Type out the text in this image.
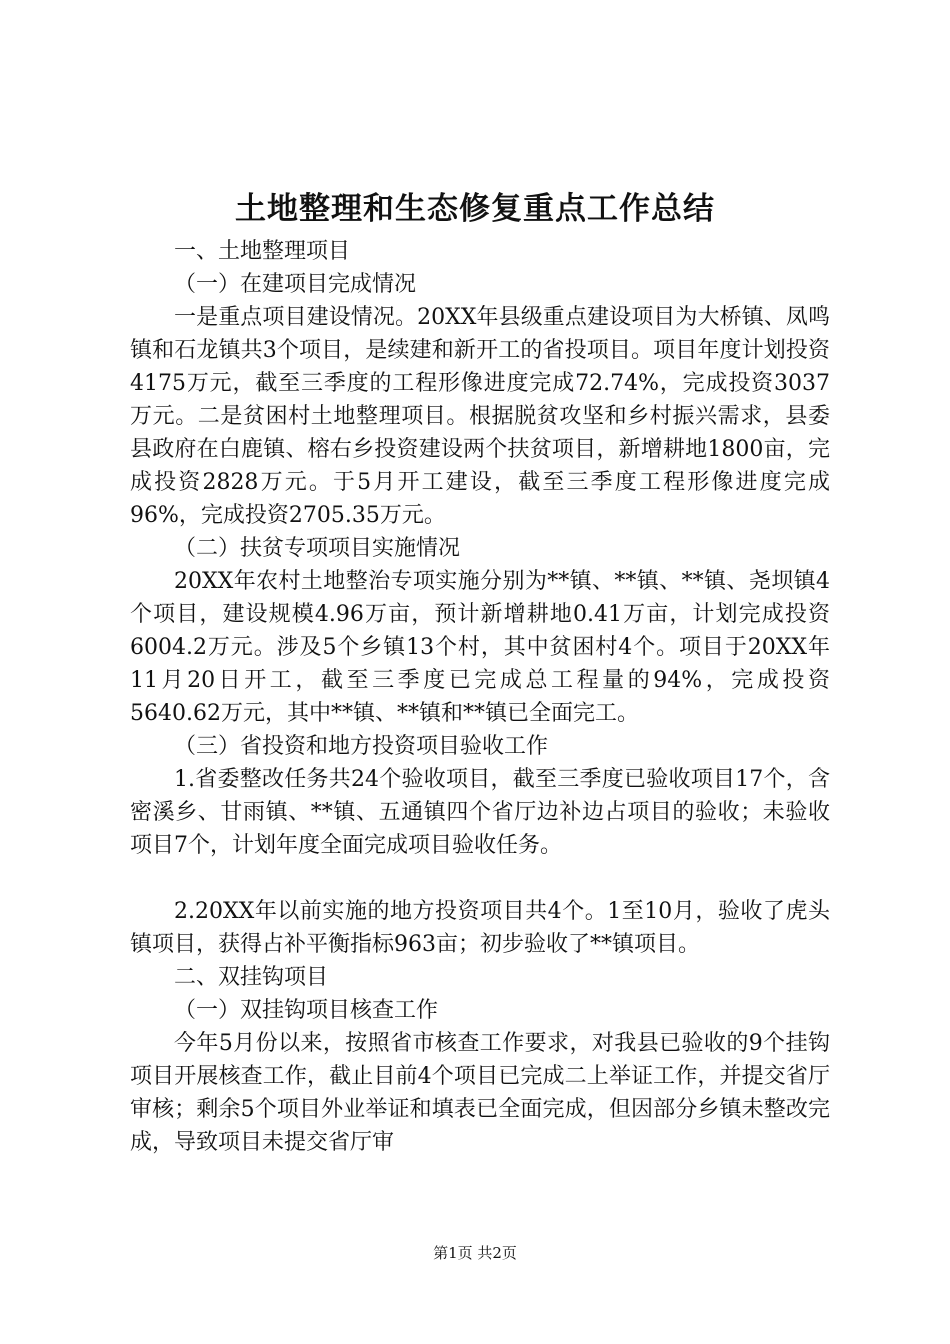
土地整理和生态修复重点工作总结

一、土地整理项目

（一）在建项目完成情况

一是重点项目建设情况。20XX年县级重点建设项目为大桥镇、凤鸣镇和石龙镇共3个项目，是续建和新开工的省投项目。项目年度计划投资4175万元，截至三季度的工程形像进度完成72.74%，完成投资3037万元。二是贫困村土地整理项目。根据脱贫攻坚和乡村振兴需求，县委县政府在白鹿镇、榕右乡投资建设两个扶贫项目，新增耕地1800亩，完成投资2828万元。于5月开工建设，截至三季度工程形像进度完成96%，完成投资2705.35万元。

（二）扶贫专项项目实施情况

20XX年农村土地整治专项实施分别为**镇、**镇、**镇、尧坝镇4个项目，建设规模4.96万亩，预计新增耕地0.41万亩，计划完成投资6004.2万元。涉及5个乡镇13个村，其中贫困村4个。项目于20XX年11月20日开工，截至三季度已完成总工程量的94%，完成投资5640.62万元，其中**镇、**镇和**镇已全面完工。

（三）省投资和地方投资项目验收工作

1.省委整改任务共24个验收项目，截至三季度已验收项目17个，含密溪乡、甘雨镇、**镇、五通镇四个省厅边补边占项目的验收；未验收项目7个，计划年度全面完成项目验收任务。

2.20XX年以前实施的地方投资项目共4个。1至10月，验收了虎头镇项目，获得占补平衡指标963亩；初步验收了**镇项目。

二、双挂钩项目

（一）双挂钩项目核查工作

今年5月份以来，按照省市核查工作要求，对我县已验收的9个挂钩项目开展核查工作，截止目前4个项目已完成二上举证工作，并提交省厅审核；剩余5个项目外业举证和填表已全面完成，但因部分乡镇未整改完成，导致项目未提交省厅审

第1页 共2页
